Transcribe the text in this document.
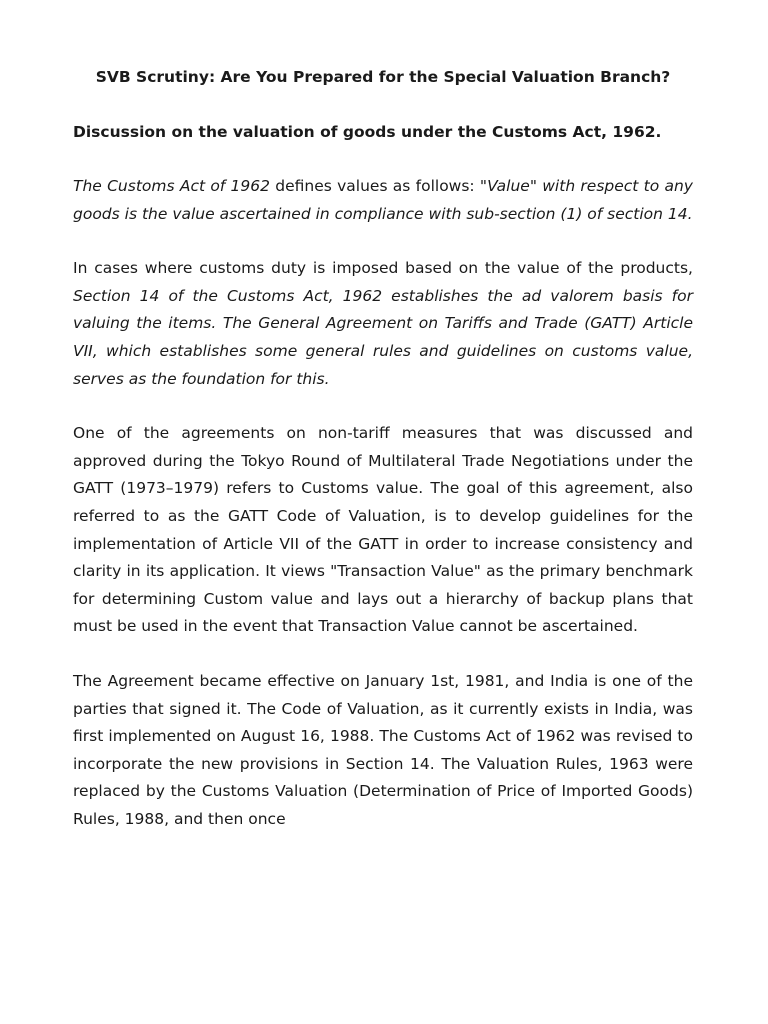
SVB Scrutiny: Are You Prepared for the Special Valuation Branch?

Discussion on the valuation of goods under the Customs Act, 1962.

The Customs Act of 1962 defines values as follows: "Value" with respect to any goods is the value ascertained in compliance with sub-section (1) of section 14.

In cases where customs duty is imposed based on the value of the products, Section 14 of the Customs Act, 1962 establishes the ad valorem basis for valuing the items. The General Agreement on Tariffs and Trade (GATT) Article VII, which establishes some general rules and guidelines on customs value, serves as the foundation for this.

One of the agreements on non-tariff measures that was discussed and approved during the Tokyo Round of Multilateral Trade Negotiations under the GATT (1973–1979) refers to Customs value. The goal of this agreement, also referred to as the GATT Code of Valuation, is to develop guidelines for the implementation of Article VII of the GATT in order to increase consistency and clarity in its application. It views "Transaction Value" as the primary benchmark for determining Custom value and lays out a hierarchy of backup plans that must be used in the event that Transaction Value cannot be ascertained.

The Agreement became effective on January 1st, 1981, and India is one of the parties that signed it. The Code of Valuation, as it currently exists in India, was first implemented on August 16, 1988. The Customs Act of 1962 was revised to incorporate the new provisions in Section 14. The Valuation Rules, 1963 were replaced by the Customs Valuation (Determination of Price of Imported Goods) Rules, 1988, and then once
